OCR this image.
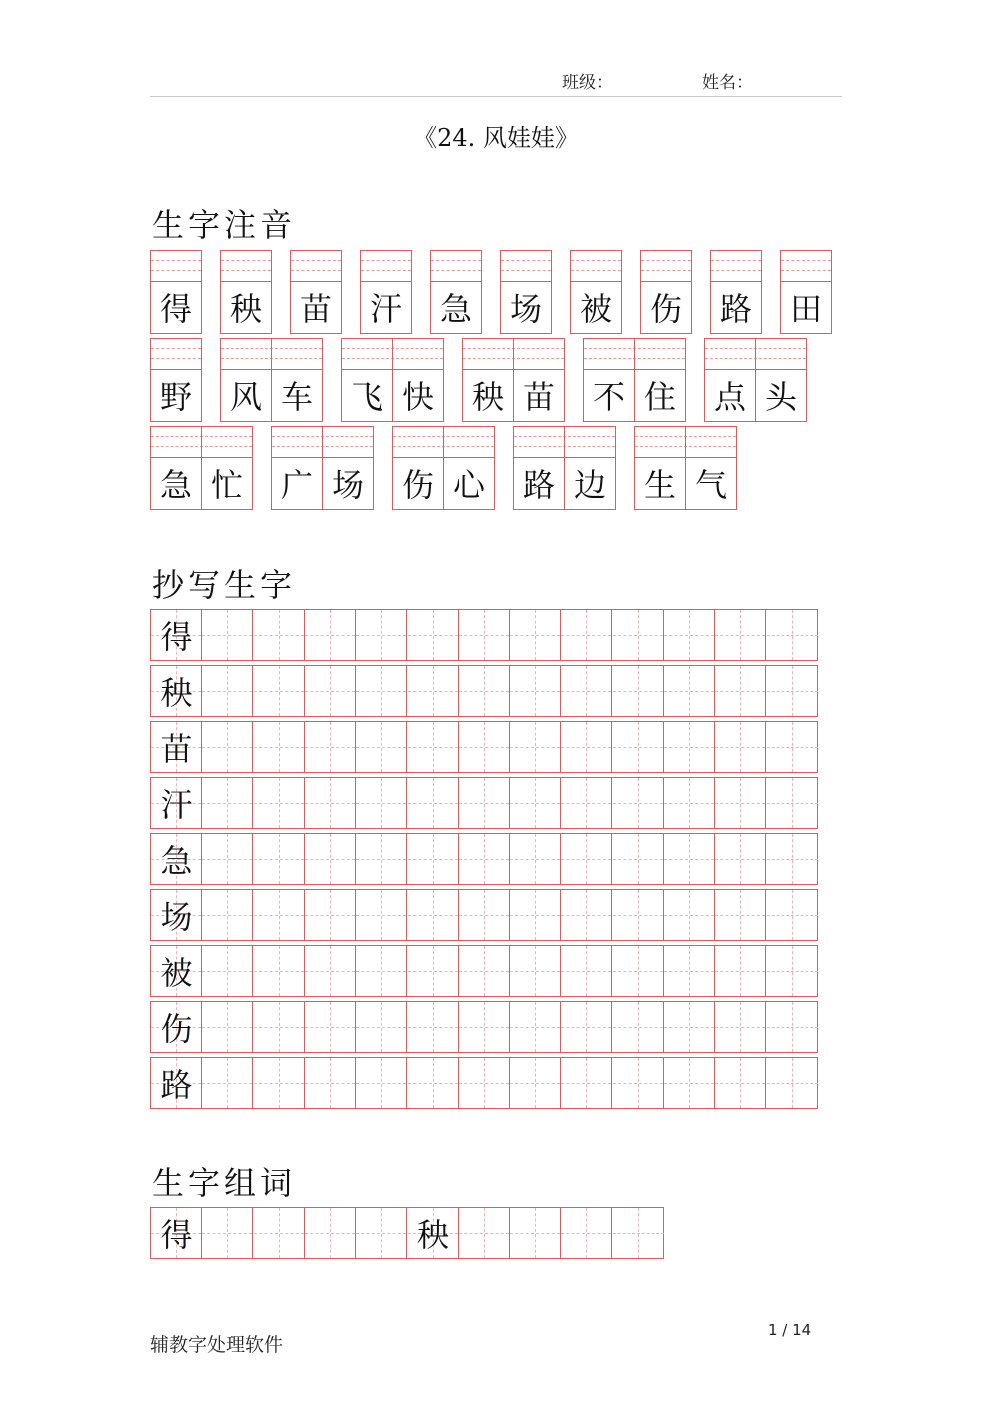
班级：	姓名：
《24. 风娃娃》
生字注音
得 秧 苗 汗 急 场 被 伤 路 田
野 风 车 飞 快 秧 苗 不 住 点 头
急 忙 广 场 伤 心 路 边 生 气
抄写生字
得
秧
苗
汗
急
场
被
伤
路
生字组词
得	秧
辅教字处理软件
1 / 14
